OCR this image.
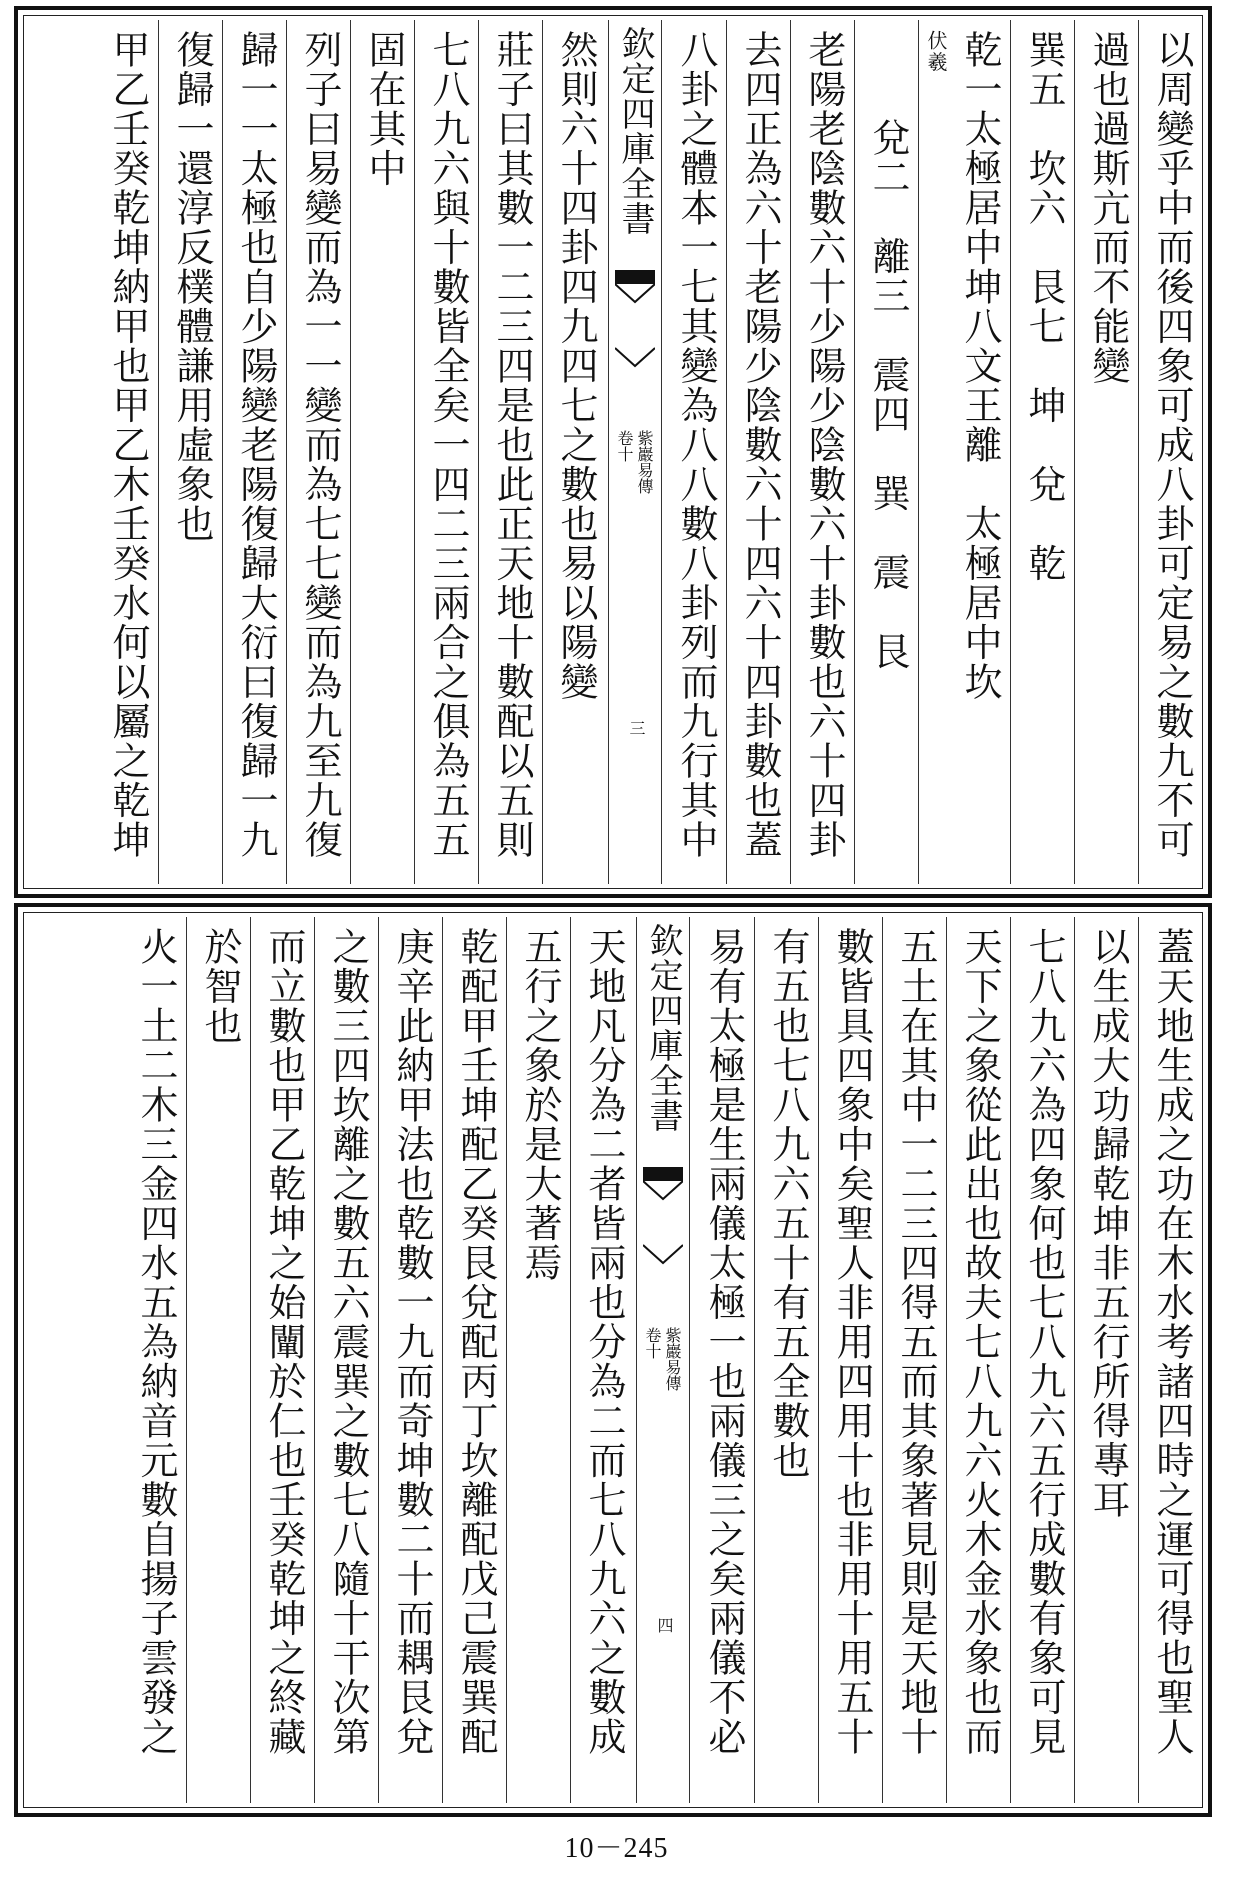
以周變乎中而後四象可成八卦可定易之數九不可
過也過斯亢而不能變
巽五　坎六　艮七　坤　兌　乾
乾一太極居中坤八文王離　太極居中坎
伏羲
兌二　離三　震四　巽　震　艮
老陽老陰數六十少陽少陰數六十卦數也六十四卦
去四正為六十老陽少陰數六十四六十四卦數也蓋
八卦之體本一七其變為八八數八卦列而九行其中
欽定四庫全書
紫巖易傳
卷十
三
然則六十四卦四九四七之數也易以陽變
莊子曰其數一二三四是也此正天地十數配以五則
七八九六與十數皆全矣一四二三兩合之俱為五五
固在其中
列子曰易變而為一一變而為七七變而為九至九復
歸一一太極也自少陽變老陽復歸大衍曰復歸一九
復歸一還淳反樸體謙用虛象也
甲乙壬癸乾坤納甲也甲乙木壬癸水何以屬之乾坤
蓋天地生成之功在木水考諸四時之運可得也聖人
以生成大功歸乾坤非五行所得專耳
七八九六為四象何也七八九六五行成數有象可見
天下之象從此出也故夫七八九六火木金水象也而
五土在其中一二三四得五而其象著見則是天地十
數皆具四象中矣聖人非用四用十也非用十用五十
有五也七八九六五十有五全數也
易有太極是生兩儀太極一也兩儀三之矣兩儀不必
欽定四庫全書
紫巖易傳
卷十
四
天地凡分為二者皆兩也分為二而七八九六之數成
五行之象於是大著焉
乾配甲壬坤配乙癸艮兌配丙丁坎離配戊己震巽配
庚辛此納甲法也乾數一九而奇坤數二十而耦艮兌
之數三四坎離之數五六震巽之數七八隨十干次第
而立數也甲乙乾坤之始闡於仁也壬癸乾坤之終藏
於智也
火一土二木三金四水五為納音元數自揚子雲發之
10－245
